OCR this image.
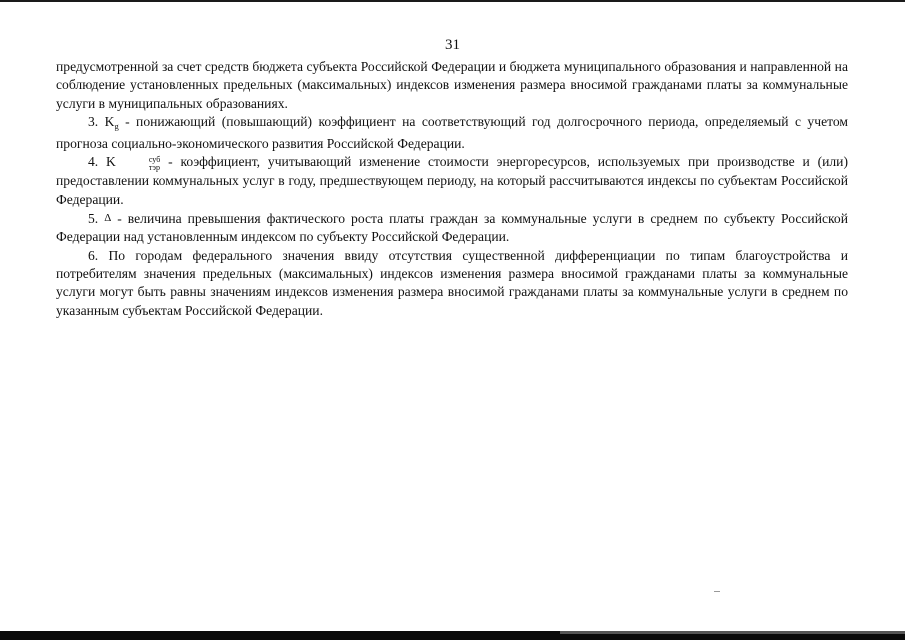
31

предусмотренной за счет средств бюджета субъекта Российской Федерации и бюджета муниципального образования и направленной на соблюдение установленных предельных (максимальных) индексов изменения размера вносимой гражданами платы за коммунальные услуги в муниципальных образованиях.

3. $K_g$ - понижающий (повышающий) коэффициент на соответствующий год долгосрочного периода, определяемый с учетом прогноза социально-экономического развития Российской Федерации.

4. K	суб
тэр - коэффициент, учитывающий изменение стоимости энергоресурсов, используемых при производстве и (или) предоставлении коммунальных услуг в году, предшествующем периоду, на который рассчитываются индексы по субъектам Российской Федерации.

5. Δ - величина превышения фактического роста платы граждан за коммунальные услуги в среднем по субъекту Российской Федерации над установленным индексом по субъекту Российской Федерации.

6. По городам федерального значения ввиду отсутствия существенной дифференциации по типам благоустройства и потребителям значения предельных (максимальных) индексов изменения размера вносимой гражданами платы за коммунальные услуги могут быть равны значениям индексов изменения размера вносимой гражданами платы за коммунальные услуги в среднем по указанным субъектам Российской Федерации.
